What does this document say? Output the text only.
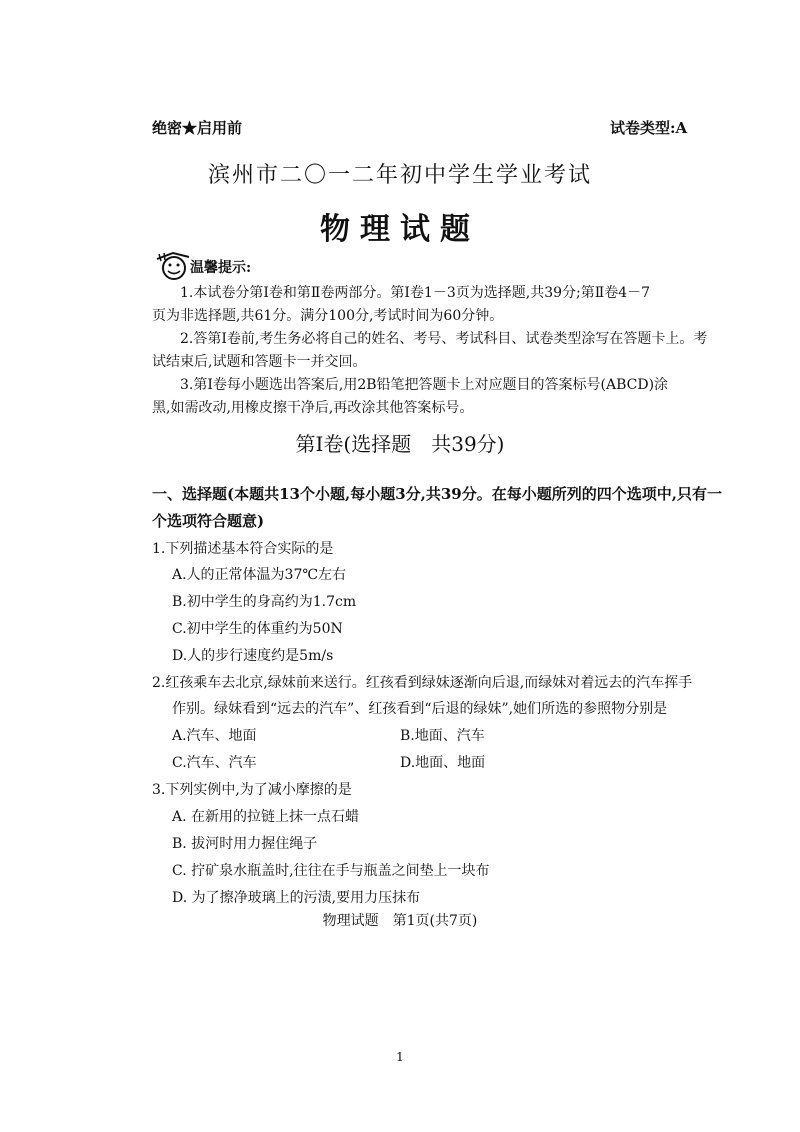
绝密★启用前	试卷类型:A
滨州市二〇一二年初中学生学业考试
物理试题
温馨提示:
1.本试卷分第Ⅰ卷和第Ⅱ卷两部分。第Ⅰ卷1－3页为选择题,共39分;第Ⅱ卷4－7
页为非选择题,共61分。满分100分,考试时间为60分钟。
2.答第Ⅰ卷前,考生务必将自己的姓名、考号、考试科目、试卷类型涂写在答题卡上。考
试结束后,试题和答题卡一并交回。
3.第Ⅰ卷每小题选出答案后,用2B铅笔把答题卡上对应题目的答案标号(ABCD)涂
黑,如需改动,用橡皮擦干净后,再改涂其他答案标号。
第Ⅰ卷(选择题　共39分)
一、选择题(本题共13个小题,每小题3分,共39分。在每小题所列的四个选项中,只有一
个选项符合题意)
1.下列描述基本符合实际的是
A.人的正常体温为37℃左右
B.初中学生的身高约为1.7cm
C.初中学生的体重约为50N
D.人的步行速度约是5m/s
2.红孩乘车去北京,绿妹前来送行。红孩看到绿妹逐渐向后退,而绿妹对着远去的汽车挥手
作别。绿妹看到“远去的汽车”、红孩看到“后退的绿妹”,她们所选的参照物分别是
A.汽车、地面	B.地面、汽车
C.汽车、汽车	D.地面、地面
3.下列实例中,为了减小摩擦的是
A. 在新用的拉链上抹一点石蜡
B. 拔河时用力握住绳子
C. 拧矿泉水瓶盖时,往往在手与瓶盖之间垫上一块布
D. 为了擦净玻璃上的污渍,要用力压抹布
物理试题　第1页(共7页)
1
